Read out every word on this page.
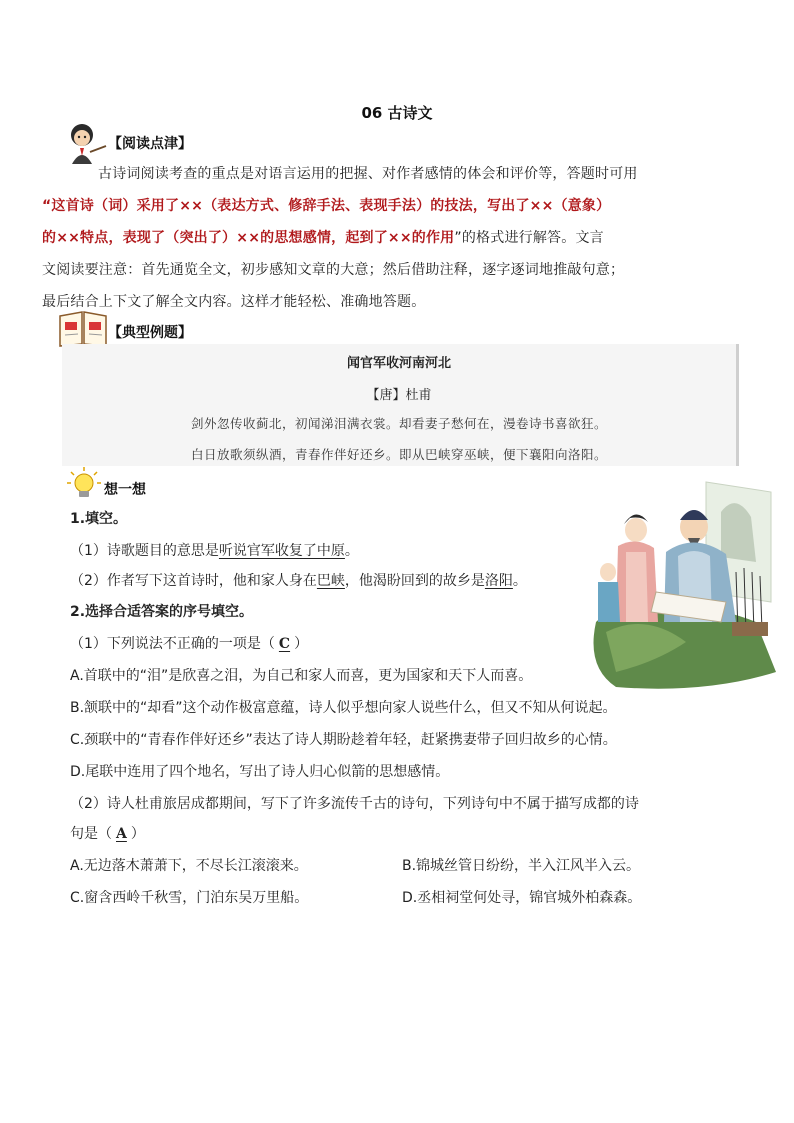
06 古诗文
【阅读点津】
古诗词阅读考查的重点是对语言运用的把握、对作者感情的体会和评价等，答题时可用
“这首诗（词）采用了××（表达方式、修辞手法、表现手法）的技法，写出了××（意象）
的××特点，表现了（突出了）××的思想感情，起到了××的作用”的格式进行解答。文言
文阅读要注意：首先通览全文，初步感知文章的大意；然后借助注释，逐字逐词地推敲句意；
最后结合上下文了解全文内容。这样才能轻松、准确地答题。
【典型例题】
闻官军收河南河北
【唐】杜甫
剑外忽传收蓟北，初闻涕泪满衣裳。却看妻子愁何在，漫卷诗书喜欲狂。
白日放歌须纵酒，青春作伴好还乡。即从巴峡穿巫峡，便下襄阳向洛阳。
想一想
1.填空。
（1）诗歌题目的意思是听说官军收复了中原。
（2）作者写下这首诗时，他和家人身在巴峡，他渴盼回到的故乡是洛阳。
2.选择合适答案的序号填空。
（1）下列说法不正确的一项是（ C ）
A.首联中的“泪”是欣喜之泪，为自己和家人而喜，更为国家和天下人而喜。
B.颔联中的“却看”这个动作极富意蕴，诗人似乎想向家人说些什么，但又不知从何说起。
C.颈联中的“青春作伴好还乡”表达了诗人期盼趁着年轻，赶紧携妻带子回归故乡的心情。
D.尾联中连用了四个地名，写出了诗人归心似箭的思想感情。
（2）诗人杜甫旅居成都期间，写下了许多流传千古的诗句，下列诗句中不属于描写成都的诗
句是（ A ）
A.无边落木萧萧下，不尽长江滚滚来。	B.锦城丝管日纷纷，半入江风半入云。
C.窗含西岭千秋雪，门泊东吴万里船。	D.丞相祠堂何处寻，锦官城外柏森森。
